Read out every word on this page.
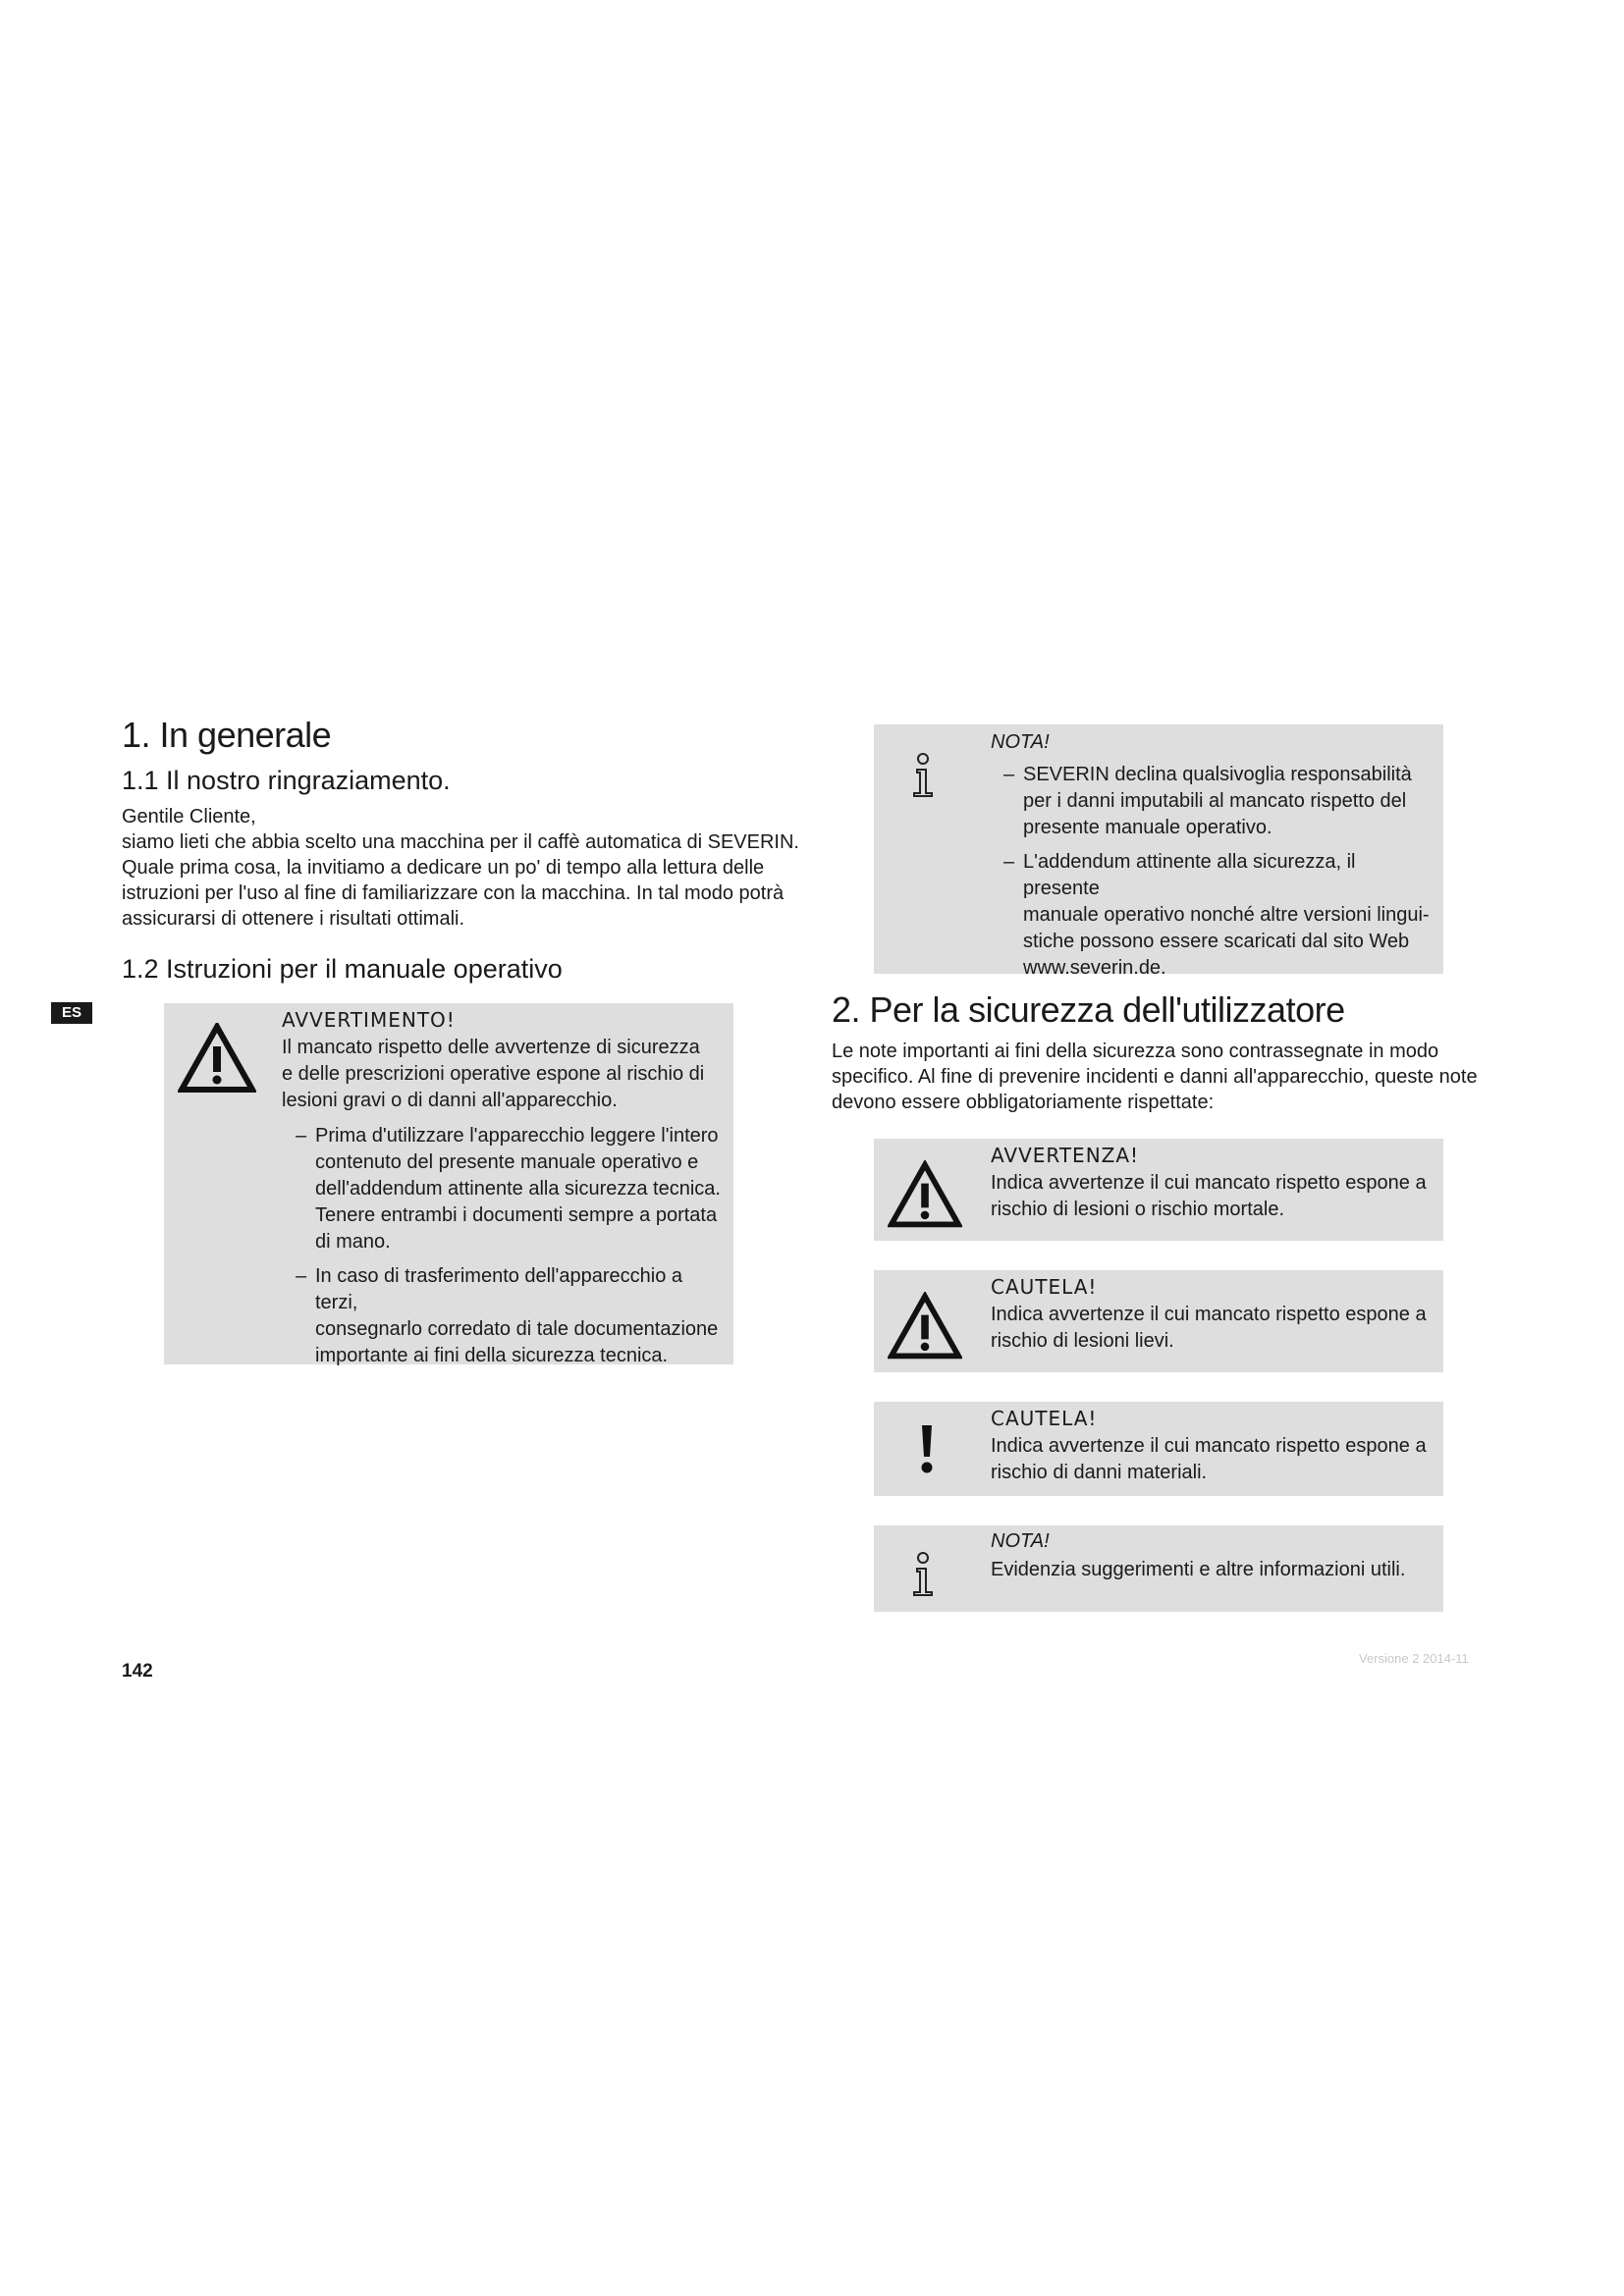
ES
1. In generale
1.1 Il nostro ringraziamento.
Gentile Cliente,
siamo lieti che abbia scelto una macchina per il caffè automatica di SEVERIN.
Quale prima cosa, la invitiamo a dedicare un po' di tempo alla lettura delle
istruzioni per l'uso al fine di familiarizzare con la macchina. In tal modo potrà
assicurarsi di ottenere i risultati ottimali.
1.2 Istruzioni per il manuale operativo
AVVERTIMENTO!
Il mancato rispetto delle avvertenze di sicurezza
e delle prescrizioni operative espone al rischio di
lesioni gravi o di danni all'apparecchio.
– Prima d'utilizzare l'apparecchio leggere l'intero
contenuto del presente manuale operativo e
dell'addendum attinente alla sicurezza tecnica.
Tenere entrambi i documenti sempre a portata
di mano.
– In caso di trasferimento dell'apparecchio a terzi,
consegnarlo corredato di tale documentazione
importante ai fini della sicurezza tecnica.
NOTA!
– SEVERIN declina qualsivoglia responsabilità
per i danni imputabili al mancato rispetto del
presente manuale operativo.
– L'addendum attinente alla sicurezza, il presente
manuale operativo nonché altre versioni lingui-
stiche possono essere scaricati dal sito Web
www.severin.de.
2. Per la sicurezza dell'utilizzatore
Le note importanti ai fini della sicurezza sono contrassegnate in modo
specifico. Al fine di prevenire incidenti e danni all'apparecchio, queste note
devono essere obbligatoriamente rispettate:
AVVERTENZA!
Indica avvertenze il cui mancato rispetto espone a
rischio di lesioni o rischio mortale.
CAUTELA!
Indica avvertenze il cui mancato rispetto espone a
rischio di lesioni lievi.
CAUTELA!
Indica avvertenze il cui mancato rispetto espone a
rischio di danni materiali.
NOTA!
Evidenzia suggerimenti e altre informazioni utili.
142
Versione 2 2014-11
